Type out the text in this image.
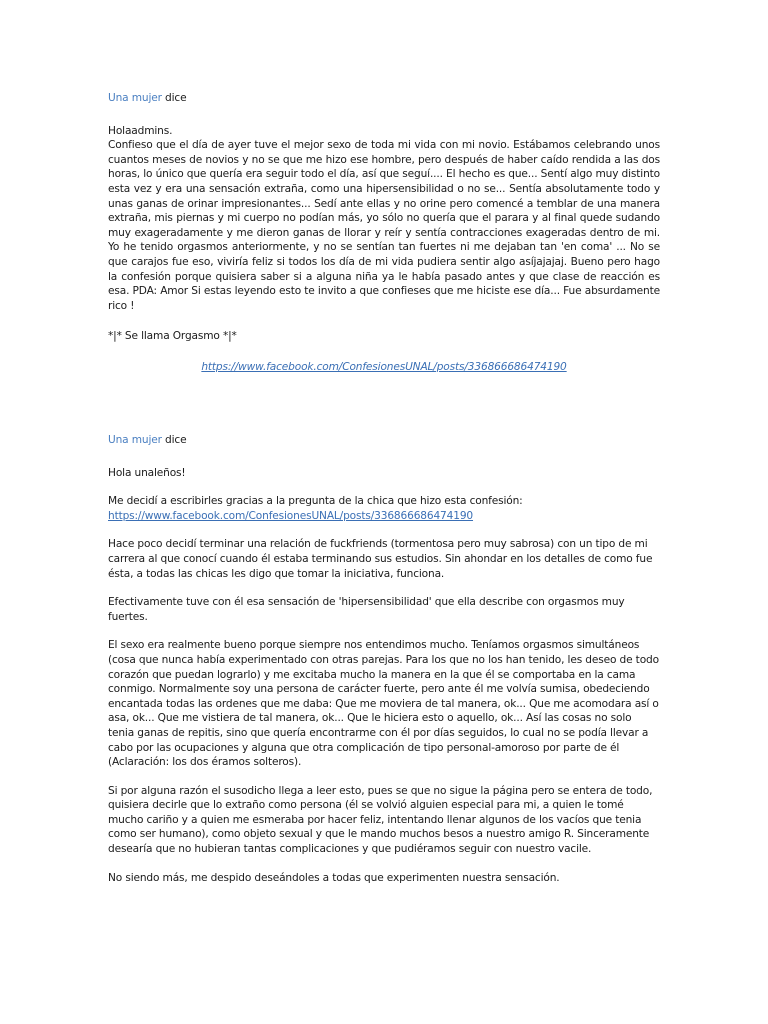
Una mujer dice

Holaadmins.

Confieso que el día de ayer tuve el mejor sexo de toda mi vida con mi novio. Estábamos celebrando unos cuantos meses de novios y no se que me hizo ese hombre, pero después de haber caído rendida a las dos horas, lo único que quería era seguir todo el día, así que seguí.... El hecho es que... Sentí algo muy distinto esta vez y era una sensación extraña, como una hipersensibilidad o no se... Sentía absolutamente todo y unas ganas de orinar impresionantes... Sedí ante ellas y no orine pero comencé a temblar de una manera extraña, mis piernas y mi cuerpo no podían más, yo sólo no quería que el parara y al final quede sudando muy exageradamente y me dieron ganas de llorar y reír y sentía contracciones exageradas dentro de mi. Yo he tenido orgasmos anteriormente, y no se sentían tan fuertes ni me dejaban tan 'en coma' ... No se que carajos fue eso, viviría feliz si todos los día de mi vida pudiera sentir algo asíjajajaj. Bueno pero hago la confesión porque quisiera saber si a alguna niña ya le había pasado antes y que clase de reacción es esa. PDA: Amor Si estas leyendo esto te invito a que confieses que me hiciste ese día... Fue absurdamente rico !

*|* Se llama Orgasmo *|*

https://www.facebook.com/ConfesionesUNAL/posts/336866686474190

Una mujer dice

Hola unaleños!

Me decidí a escribirles gracias a la pregunta de la chica que hizo esta confesión:
https://www.facebook.com/ConfesionesUNAL/posts/336866686474190

Hace poco decidí terminar una relación de fuckfriends (tormentosa pero muy sabrosa) con un tipo de mi carrera al que conocí cuando él estaba terminando sus estudios. Sin ahondar en los detalles de como fue ésta, a todas las chicas les digo que tomar la iniciativa, funciona.

Efectivamente tuve con él esa sensación de 'hipersensibilidad' que ella describe con orgasmos muy fuertes.

El sexo era realmente bueno porque siempre nos entendimos mucho. Teníamos orgasmos simultáneos (cosa que nunca había experimentado con otras parejas. Para los que no los han tenido, les deseo de todo corazón que puedan lograrlo) y me excitaba mucho la manera en la que él se comportaba en la cama conmigo. Normalmente soy una persona de carácter fuerte, pero ante él me volvía sumisa, obedeciendo encantada todas las ordenes que me daba: Que me moviera de tal manera, ok... Que me acomodara así o asa, ok... Que me vistiera de tal manera, ok... Que le hiciera esto o aquello, ok... Así las cosas no solo tenia ganas de repitis, sino que quería encontrarme con él por días seguidos, lo cual no se podía llevar a cabo por las ocupaciones y alguna que otra complicación de tipo personal-amoroso por parte de él (Aclaración: los dos éramos solteros).

Si por alguna razón el susodicho llega a leer esto, pues se que no sigue la página pero se entera de todo, quisiera decirle que lo extraño como persona (él se volvió alguien especial para mi, a quien le tomé mucho cariño y a quien me esmeraba por hacer feliz, intentando llenar algunos de los vacíos que tenia como ser humano), como objeto sexual y que le mando muchos besos a nuestro amigo R. Sinceramente desearía que no hubieran tantas complicaciones y que pudiéramos seguir con nuestro vacile.

No siendo más, me despido deseándoles a todas que experimenten nuestra sensación.
